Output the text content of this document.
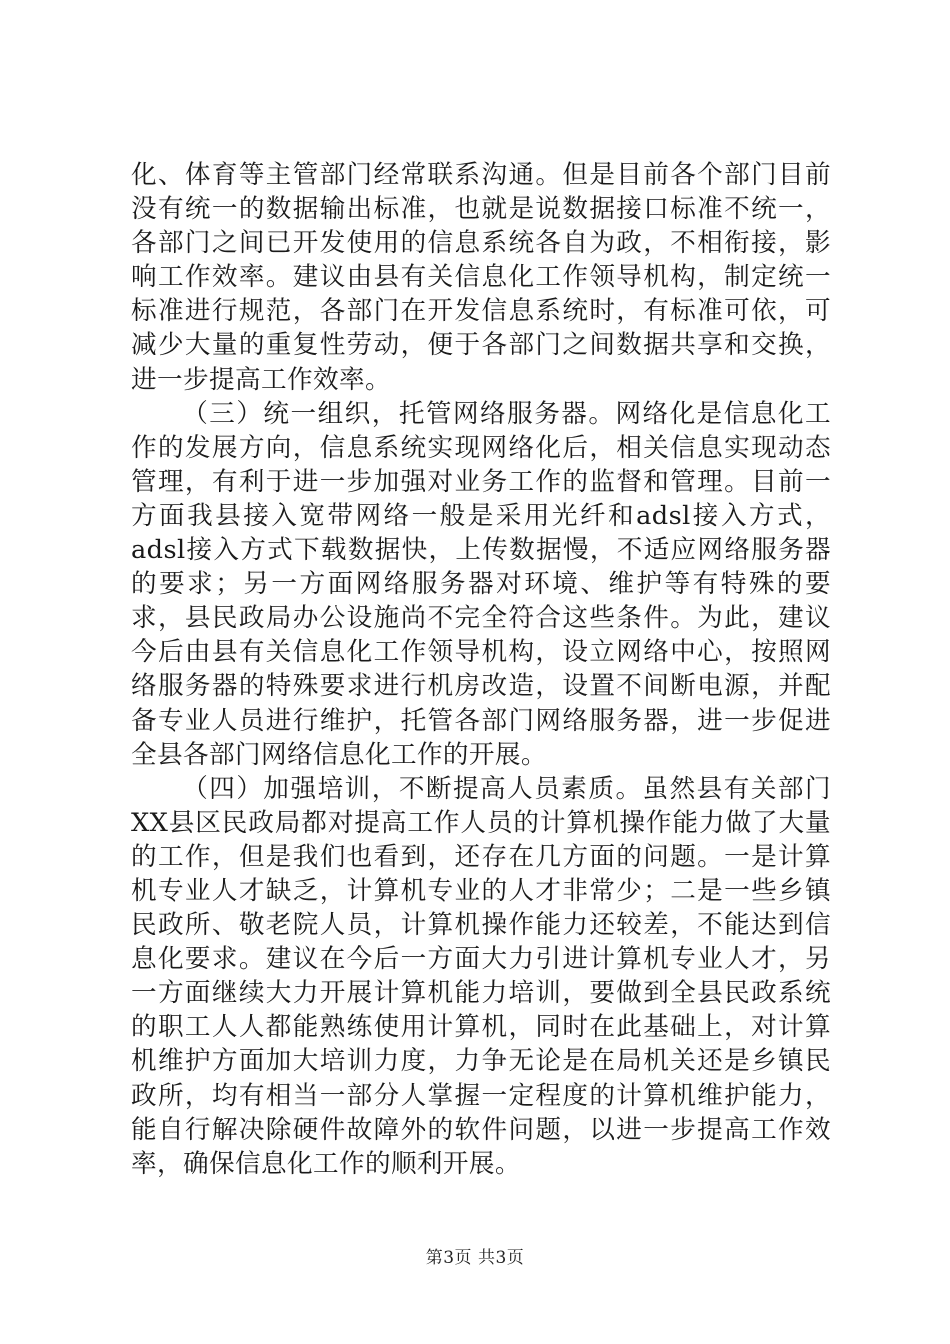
化、体育等主管部门经常联系沟通。但是目前各个部门目前没有统一的数据输出标准，也就是说数据接口标准不统一，各部门之间已开发使用的信息系统各自为政，不相衔接，影响工作效率。建议由县有关信息化工作领导机构，制定统一标准进行规范，各部门在开发信息系统时，有标准可依，可减少大量的重复性劳动，便于各部门之间数据共享和交换，进一步提高工作效率。

（三）统一组织，托管网络服务器。网络化是信息化工作的发展方向，信息系统实现网络化后，相关信息实现动态管理，有利于进一步加强对业务工作的监督和管理。目前一方面我县接入宽带网络一般是采用光纤和adsl接入方式，adsl接入方式下载数据快，上传数据慢，不适应网络服务器的要求；另一方面网络服务器对环境、维护等有特殊的要求，县民政局办公设施尚不完全符合这些条件。为此，建议今后由县有关信息化工作领导机构，设立网络中心，按照网络服务器的特殊要求进行机房改造，设置不间断电源，并配备专业人员进行维护，托管各部门网络服务器，进一步促进全县各部门网络信息化工作的开展。

（四）加强培训，不断提高人员素质。虽然县有关部门XX县区民政局都对提高工作人员的计算机操作能力做了大量的工作，但是我们也看到，还存在几方面的问题。一是计算机专业人才缺乏，计算机专业的人才非常少；二是一些乡镇民政所、敬老院人员，计算机操作能力还较差，不能达到信息化要求。建议在今后一方面大力引进计算机专业人才，另一方面继续大力开展计算机能力培训，要做到全县民政系统的职工人人都能熟练使用计算机，同时在此基础上，对计算机维护方面加大培训力度，力争无论是在局机关还是乡镇民政所，均有相当一部分人掌握一定程度的计算机维护能力，能自行解决除硬件故障外的软件问题，以进一步提高工作效率，确保信息化工作的顺利开展。

第3页 共3页
